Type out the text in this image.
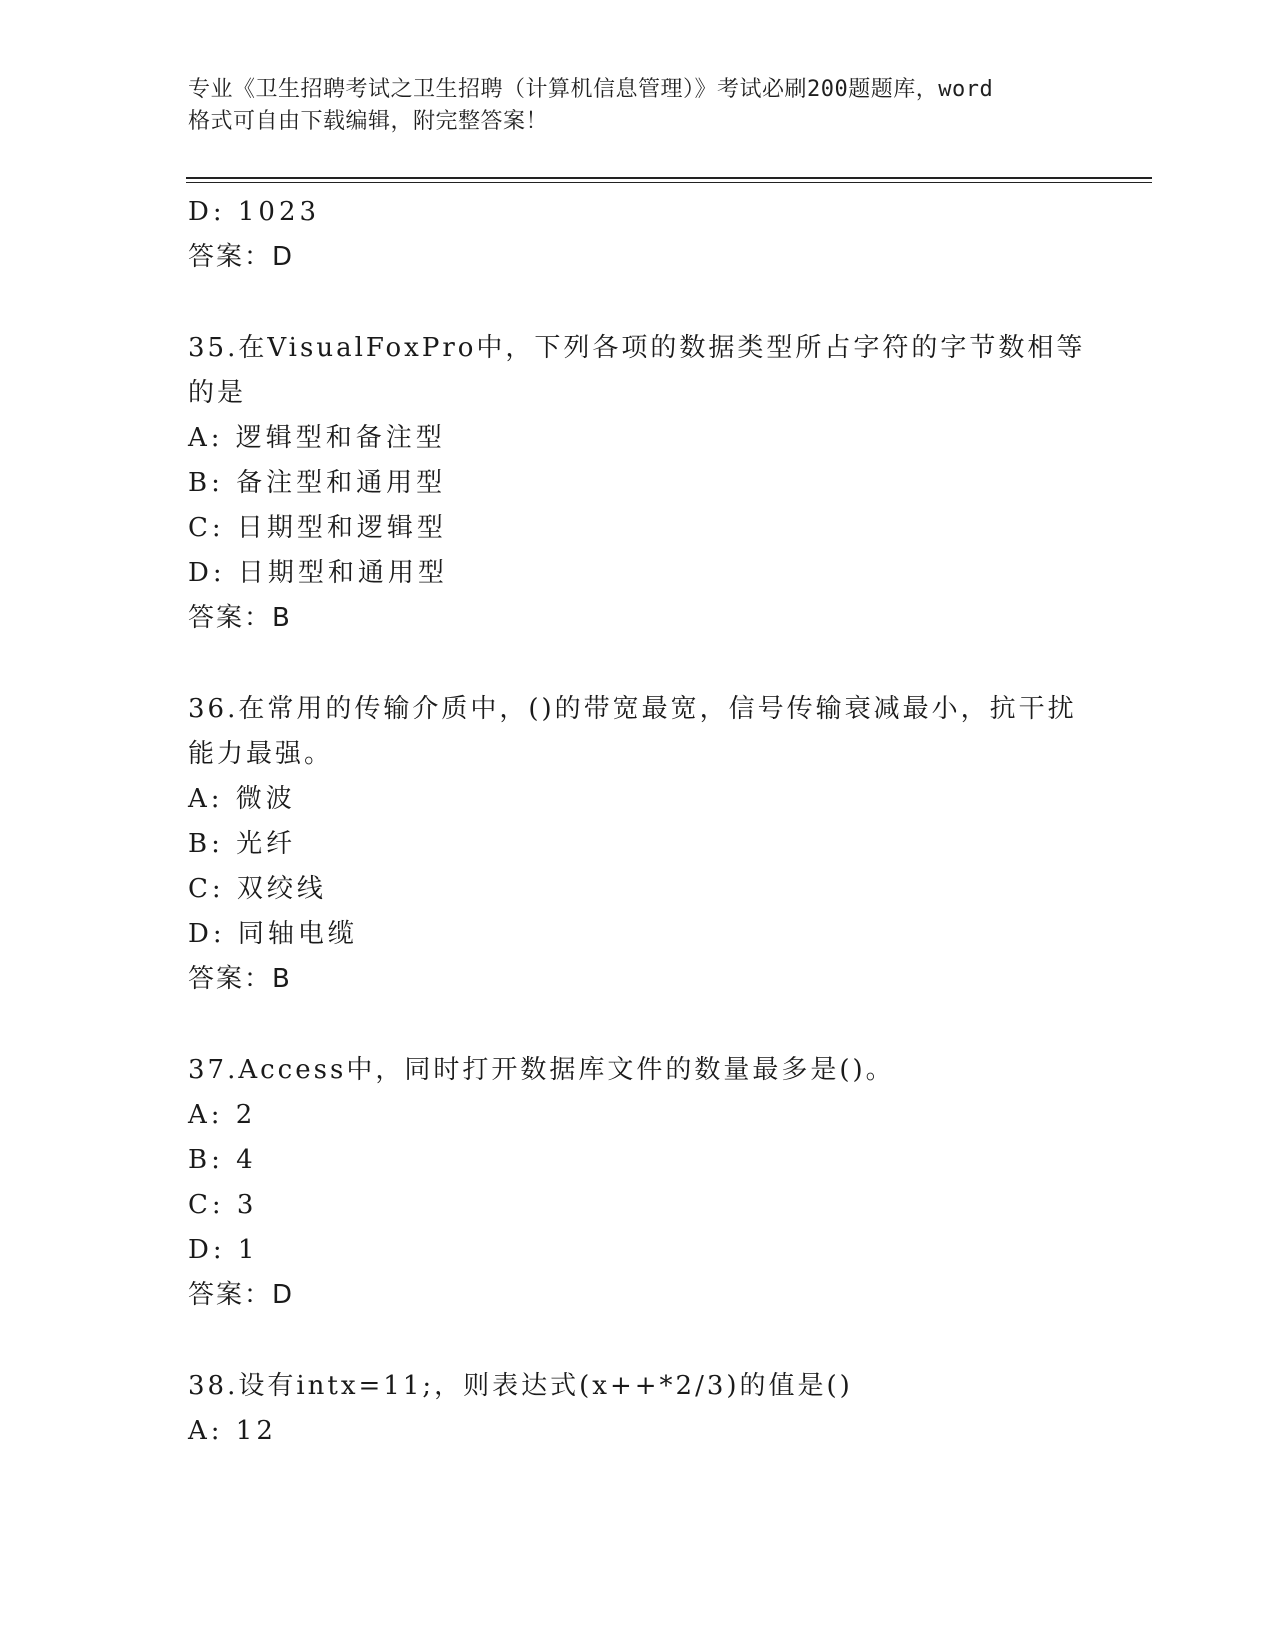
专业《卫生招聘考试之卫生招聘（计算机信息管理）》考试必刷200题题库，word
格式可自由下载编辑，附完整答案！
D: 1023
答案：D
35.在VisualFoxPro中，下列各项的数据类型所占字符的字节数相等
的是
A: 逻辑型和备注型
B: 备注型和通用型
C: 日期型和逻辑型
D: 日期型和通用型
答案：B
36.在常用的传输介质中，()的带宽最宽，信号传输衰减最小，抗干扰
能力最强。
A: 微波
B: 光纤
C: 双绞线
D: 同轴电缆
答案：B
37.Access中，同时打开数据库文件的数量最多是()。
A: 2
B: 4
C: 3
D: 1
答案：D
38.设有intx=11;，则表达式(x++*2/3)的值是()
A: 12
